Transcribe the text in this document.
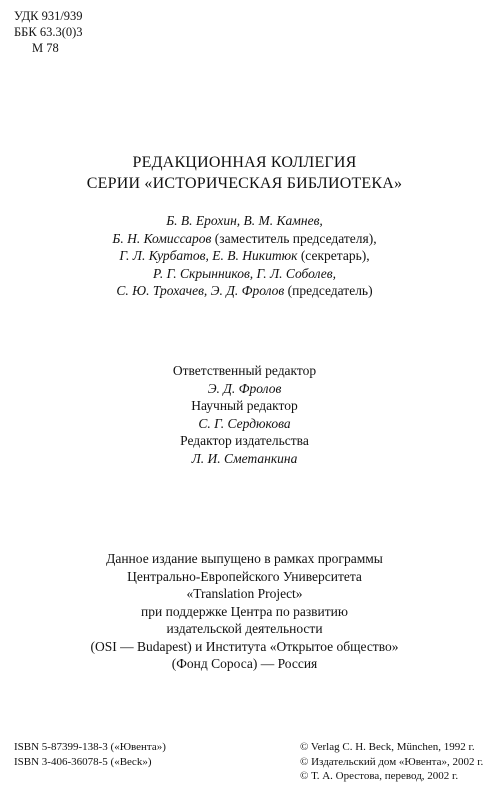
УДК 931/939
ББК 63.3(0)3
М 78
РЕДАКЦИОННАЯ КОЛЛЕГИЯ
СЕРИИ «ИСТОРИЧЕСКАЯ БИБЛИОТЕКА»
Б. В. Ерохин, В. М. Камнев,
Б. Н. Комиссаров (заместитель председателя),
Г. Л. Курбатов, Е. В. Никитюк (секретарь),
Р. Г. Скрынников, Г. Л. Соболев,
С. Ю. Трохачев, Э. Д. Фролов (председатель)
Ответственный редактор
Э. Д. Фролов
Научный редактор
С. Г. Сердюкова
Редактор издательства
Л. И. Сметанкина
Данное издание выпущено в рамках программы
Центрально-Европейского Университета
«Translation Project»
при поддержке Центра по развитию
издательской деятельности
(OSI — Budapest) и Института «Открытое общество»
(Фонд Сороса) — Россия
ISBN 5-87399-138-3 («Ювента»)
ISBN 3-406-36078-5 («Beck»)
© Verlag C. H. Beck, München, 1992 г.
© Издательский дом «Ювента», 2002 г.
© Т. А. Орестова, перевод, 2002 г.
